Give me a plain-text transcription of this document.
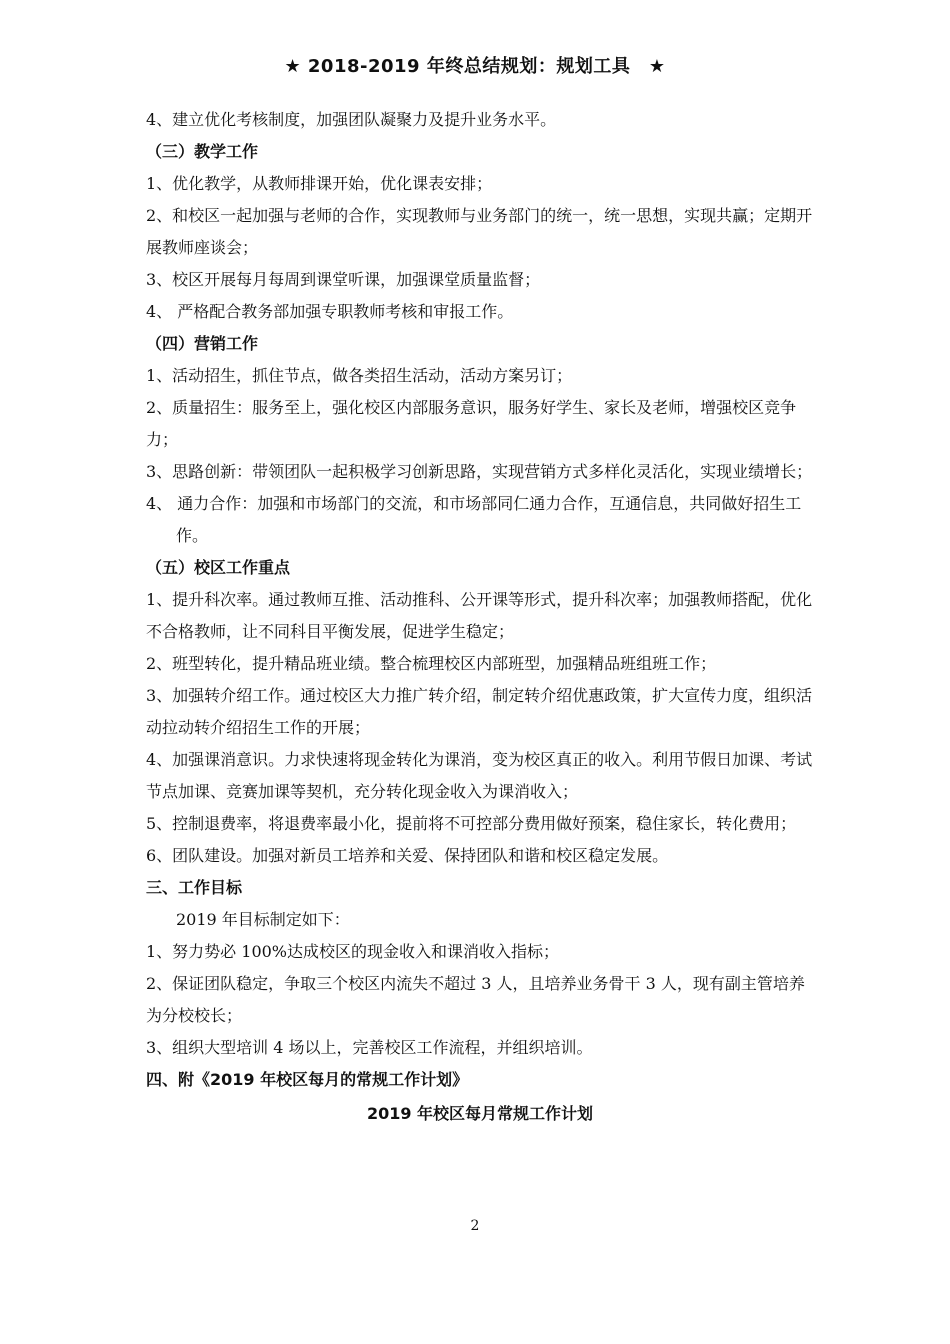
★ 2018-2019 年终总结规划：规划工具　★

4、建立优化考核制度，加强团队凝聚力及提升业务水平。

（三）教学工作

1、优化教学，从教师排课开始，优化课表安排；

2、和校区一起加强与老师的合作，实现教师与业务部门的统一，统一思想，实现共赢；定期开展教师座谈会；

3、校区开展每月每周到课堂听课，加强课堂质量监督；

4、 严格配合教务部加强专职教师考核和审报工作。

（四）营销工作

1、活动招生，抓住节点，做各类招生活动，活动方案另订；

2、质量招生：服务至上，强化校区内部服务意识，服务好学生、家长及老师，增强校区竞争力；

3、思路创新：带领团队一起积极学习创新思路，实现营销方式多样化灵活化，实现业绩增长；

4、 通力合作：加强和市场部门的交流，和市场部同仁通力合作，互通信息，共同做好招生工作。

（五）校区工作重点

1、提升科次率。通过教师互推、活动推科、公开课等形式，提升科次率；加强教师搭配，优化不合格教师，让不同科目平衡发展，促进学生稳定；

2、班型转化，提升精品班业绩。整合梳理校区内部班型，加强精品班组班工作；

3、加强转介绍工作。通过校区大力推广转介绍，制定转介绍优惠政策，扩大宣传力度，组织活动拉动转介绍招生工作的开展；

4、加强课消意识。力求快速将现金转化为课消，变为校区真正的收入。利用节假日加课、考试节点加课、竞赛加课等契机，充分转化现金收入为课消收入；

5、控制退费率，将退费率最小化，提前将不可控部分费用做好预案，稳住家长，转化费用；

6、团队建设。加强对新员工培养和关爱、保持团队和谐和校区稳定发展。

三、工作目标

2019 年目标制定如下：

1、努力势必 100%达成校区的现金收入和课消收入指标；

2、保证团队稳定，争取三个校区内流失不超过 3 人，且培养业务骨干 3 人，现有副主管培养为分校校长；

3、组织大型培训 4 场以上，完善校区工作流程，并组织培训。

四、附《2019 年校区每月的常规工作计划》

2019 年校区每月常规工作计划

2
